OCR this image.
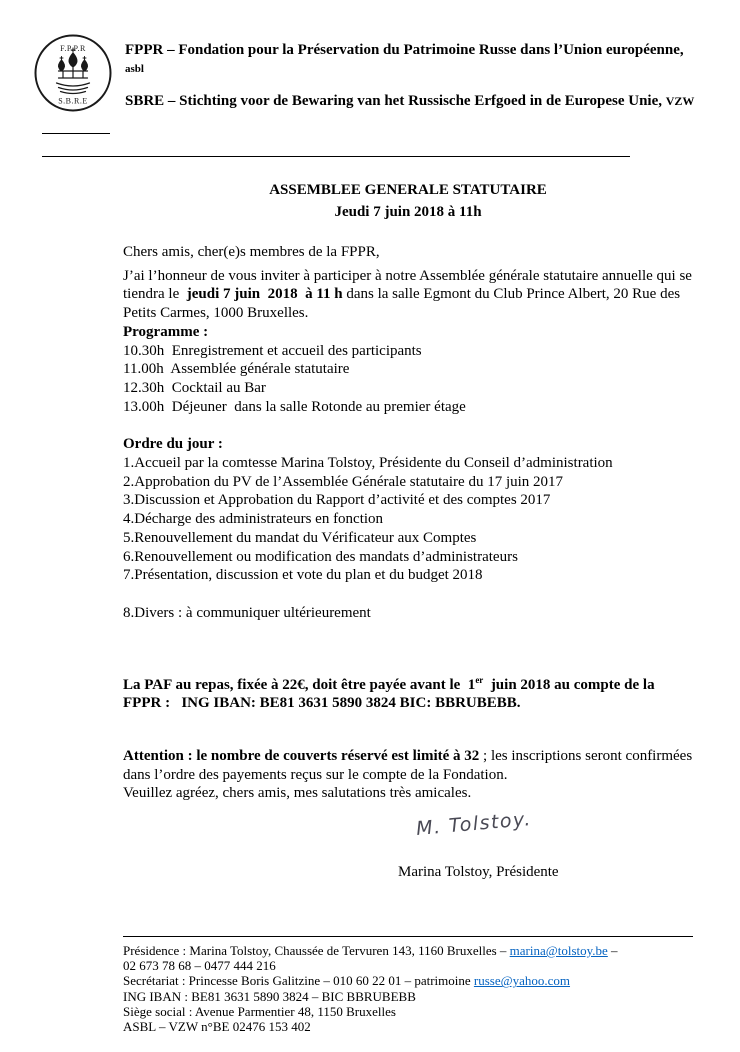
F.P.P.R
S.B.R.E

FPPR – Fondation pour la Préservation du Patrimoine Russe dans l’Union européenne,

asbl

SBRE – Stichting voor de Bewaring van het Russische Erfgoed in de Europese Unie, VZW

ASSEMBLEE GENERALE STATUTAIRE

Jeudi 7 juin 2018 à 11h

Chers amis, cher(e)s membres de la FPPR,

J’ai l’honneur de vous inviter à participer à notre Assemblée générale statutaire annuelle qui se tiendra le  jeudi 7 juin  2018  à 11 h dans la salle Egmont du Club Prince Albert, 20 Rue des Petits Carmes, 1000 Bruxelles.

Programme :

10.30h  Enregistrement et accueil des participants

11.00h  Assemblée générale statutaire

12.30h  Cocktail au Bar

13.00h  Déjeuner  dans la salle Rotonde au premier étage

Ordre du jour :

1.Accueil par la comtesse Marina Tolstoy, Présidente du Conseil d’administration

2.Approbation du PV de l’Assemblée Générale statutaire du 17 juin 2017

3.Discussion et Approbation du Rapport d’activité et des comptes 2017

4.Décharge des administrateurs en fonction

5.Renouvellement du mandat du Vérificateur aux Comptes

6.Renouvellement ou modification des mandats d’administrateurs

7.Présentation, discussion et vote du plan et du budget 2018

8.Divers : à communiquer ultérieurement

La PAF au repas, fixée à 22€, doit être payée avant le  1er  juin 2018 au compte de la FPPR :   ING IBAN: BE81 3631 5890 3824 BIC: BBRUBEBB.

Attention : le nombre de couverts réservé est limité à 32 ; les inscriptions seront confirmées dans l’ordre des payements reçus sur le compte de la Fondation.

Veuillez agréez, chers amis, mes salutations très amicales.

M. Tolstoy.
Marina Tolstoy, Présidente

Présidence : Marina Tolstoy, Chaussée de Tervuren 143, 1160 Bruxelles – marina@tolstoy.be –

02 673 78 68 – 0477 444 216

Secrétariat : Princesse Boris Galitzine – 010 60 22 01 – patrimoine russe@yahoo.com

ING IBAN : BE81 3631 5890 3824 – BIC BBRUBEBB

Siège social : Avenue Parmentier 48, 1150 Bruxelles

ASBL – VZW n°BE 02476 153 402
